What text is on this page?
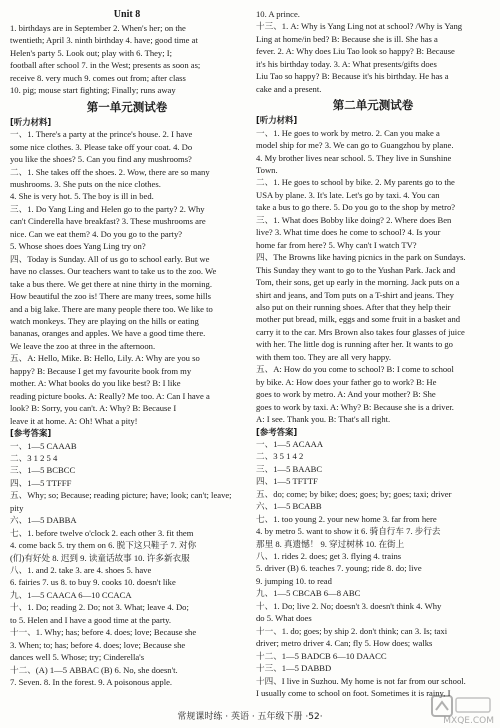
Unit 8
1. birthdays are in September 2. When's her; on the
twentieth; April 3. ninth birthday 4. have; good time at
Helen's party 5. Look out; play with 6. They; I;
football after school 7. in the West; presents as soon as;
receive 8. very much 9. comes out from; after class
10. pig; mouse start fighting; Finally; runs away
第一单元测试卷
[听力材料]
一、1. There's a party at the prince's house. 2. I have
some nice clothes. 3. Please take off your coat. 4. Do
you like the shoes? 5. Can you find any mushrooms?
二、1. She takes off the shoes. 2. Wow, there are so many
mushrooms. 3. She puts on the nice clothes.
4. She is very hot. 5. The boy is ill in bed.
三、1. Do Yang Ling and Helen go to the party? 2. Why
can't Cinderella have breakfast? 3. These mushrooms are
nice. Can we eat them? 4. Do you go to the party?
5. Whose shoes does Yang Ling try on?
四、Today is Sunday. All of us go to school early. But we
have no classes. Our teachers want to take us to the zoo. We
take a bus there. We get there at nine thirty in the morning.
How beautiful the zoo is! There are many trees, some hills
and a big lake. There are many people there too. We like to
watch monkeys. They are playing on the hills or eating
bananas, oranges and apples. We have a good time there.
We leave the zoo at three in the afternoon.
五、A: Hello, Mike. B: Hello, Lily. A: Why are you so
happy? B: Because I get my favourite book from my
mother. A: What books do you like best? B: I like
reading picture books. A: Really? Me too. A: Can I have a
look? B: Sorry, you can't. A: Why? B: Because I
leave it at home. A: Oh! What a pity!
[参考答案]
一、1—5 CAAAB
二、3 1 2 5 4
三、1—5 BCBCC
四、1—5 TTFFF
五、Why; so; Because; reading picture; have; look; can't; leave;
pity
六、1—5 DABBA
七、1. before twelve o'clock 2. each other 3. fit them
4. come back 5. try them on 6. 脱下这只鞋子 7. 对你
(们)有好处 8. 迟到 9. 读童话故事 10. 许多新衣服
八、1. and 2. take 3. are 4. shoes 5. have
6. fairies 7. us 8. to buy 9. cooks 10. doesn't like
九、1—5 CAACA 6—10 CCACA
十、1. Do; reading 2. Do; not 3. What; leave 4. Do;
to 5. Helen and I have a good time at the party.
十一、1. Why; has; before 4. does; love; Because she
3. When; to; has; before 4. does; love; Because she
dances well 5. Whose; try; Cinderella's
十二、(A) 1—5 ABBAC (B) 6. No, she doesn't.
7. Seven. 8. In the forest. 9. A poisonous apple.
10. A prince.
十三、1. A: Why is Yang Ling not at school? /Why is Yang
Ling at home/in bed? B: Because she is ill. She has a
fever. 2. A: Why does Liu Tao look so happy? B: Because
it's his birthday today. 3. A: What presents/gifts does
Liu Tao so happy? B: Because it's his birthday. He has a
cake and a present.
第二单元测试卷
[听力材料]
一、1. He goes to work by metro. 2. Can you make a
model ship for me? 3. We can go to Guangzhou by plane.
4. My brother lives near school. 5. They live in Sunshine
Town.
二、1. He goes to school by bike. 2. My parents go to the
USA by plane. 3. It's late. Let's go by taxi. 4. You can
take a bus to go there. 5. Do you go to the shop by metro?
三、1. What does Bobby like doing? 2. Where does Ben
live? 3. What time does he come to school? 4. Is your
home far from here? 5. Why can't I watch TV?
四、The Browns like having picnics in the park on Sundays.
This Sunday they want to go to the Yushan Park. Jack and
Tom, their sons, get up early in the morning. Jack puts on a
shirt and jeans, and Tom puts on a T-shirt and jeans. They
also put on their running shoes. After that they help their
mother put bread, milk, eggs and some fruit in a basket and
carry it to the car. Mrs Brown also takes four glasses of juice
with her. The little dog is running after her. It wants to go
with them too. They are all very happy.
五、A: How do you come to school? B: I come to school
by bike. A: How does your father go to work? B: He
goes to work by metro. A: And your mother? B: She
goes to work by taxi. A: Why? B: Because she is a driver.
A: I see. Thank you. B: That's all right.
[参考答案]
一、1—5 ACAAA
二、3 5 1 4 2
三、1—5 BAABC
四、1—5 TFTTF
五、do; come; by bike; does; goes; by; goes; taxi; driver
六、1—5 BCABB
七、1. too young 2. your new home 3. far from here
4. by metro 5. want to show it 6. 骑自行车 7. 步行去
那里 8. 真遗憾！ 9. 穿过树林 10. 在街上
八、1. rides 2. does; get 3. flying 4. trains
5. driver (B) 6. teaches 7. young; ride 8. do; live
9. jumping 10. to read
九、1—5 CBCAB 6—8 ABC
十、1. Do; live 2. No; doesn't 3. doesn't think 4. Why
do 5. What does
十一、1. do; goes; by ship 2. don't think; can 3. Is; taxi
driver; metro driver 4. Can; fly 5. How does; walks
十二、1—5 BADCB 6—10 DAACC
十三、1—5 DABBD
十四、I live in Suzhou. My home is not far from our school.
I usually come to school on foot. Sometimes it is rainy, I
常规课时练 · 英语 · 五年级下册 ·52·	MXQE.COM
